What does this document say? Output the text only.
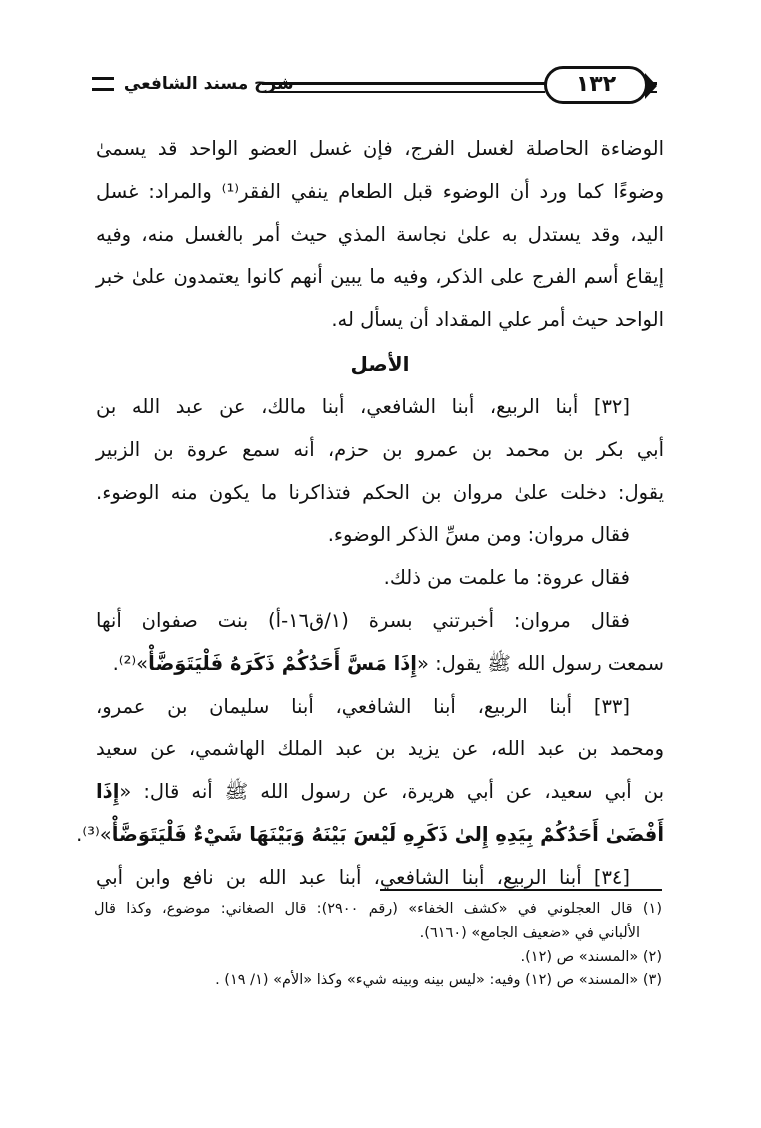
شرح مسند الشافعي	١٣٢
الوضاءة الحاصلة لغسل الفرج، فإن غسل العضو الواحد قد يسمىٰ
وضوءًا كما ورد أن الوضوء قبل الطعام ينفي الفقر⁽¹⁾ والمراد: غسل
اليد، وقد يستدل به علىٰ نجاسة المذي حيث أمر بالغسل منه، وفيه
إيقاع أسم الفرج على الذكر، وفيه ما يبين أنهم كانوا يعتمدون علىٰ خبر
الواحد حيث أمر علي المقداد أن يسأل له.
الأصل
[٣٢] أبنا الربيع، أبنا الشافعي، أبنا مالك، عن عبد الله بن
أبي بكر بن محمد بن عمرو بن حزم، أنه سمع عروة بن الزبير
يقول: دخلت علىٰ مروان بن الحكم فتذاكرنا ما يكون منه الوضوء.
فقال مروان: ومن مسِّ الذكر الوضوء.
فقال عروة: ما علمت من ذلك.
فقال مروان: أخبرتني بسرة (١/ق١٦-أ) بنت صفوان أنها
سمعت رسول الله ﷺ يقول: «إِذَا مَسَّ أَحَدُكُمْ ذَكَرَهُ فَلْيَتَوَضَّأْ»⁽²⁾.
[٣٣] أبنا الربيع، أبنا الشافعي، أبنا سليمان بن عمرو،
ومحمد بن عبد الله، عن يزيد بن عبد الملك الهاشمي، عن سعيد
بن أبي سعيد، عن أبي هريرة، عن رسول الله ﷺ أنه قال: «إِذَا
أَفْضَىٰ أَحَدُكُمْ بِيَدِهِ إِلىٰ ذَكَرِهِ لَيْسَ بَيْنَهُ وَبَيْنَهَا شَيْءٌ فَلْيَتَوَضَّأْ»⁽³⁾.
[٣٤] أبنا الربيع، أبنا الشافعي، أبنا عبد الله بن نافع وابن أبي
(١) قال العجلوني في «كشف الخفاء» (رقم ٢٩٠٠): قال الصغاني: موضوع، وكذا قال
الألباني في «ضعيف الجامع» (٦١٦٠).
(٢) «المسند» ص (١٢).
(٣) «المسند» ص (١٢) وفيه: «ليس بينه وبينه شيء» وكذا «الأم» (١/ ١٩) .
